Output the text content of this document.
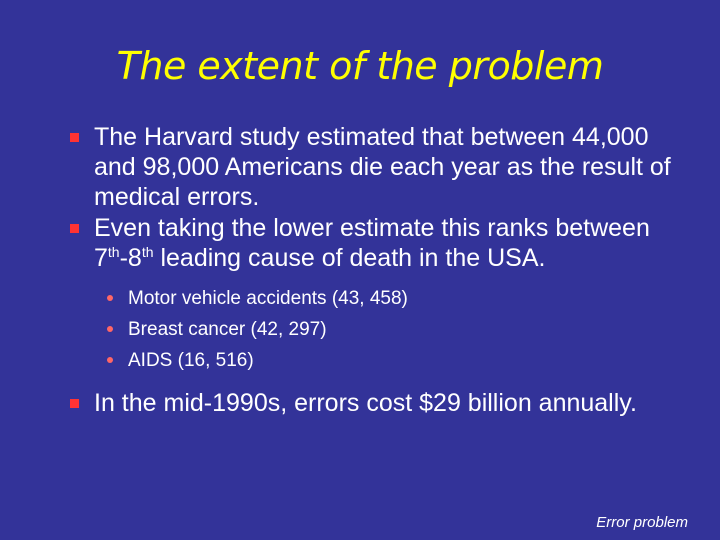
The extent of the problem
The Harvard study estimated that between 44,000 and 98,000 Americans die each year as the result of medical errors.
Even taking the lower estimate this ranks between 7th-8th leading cause of death in the USA.
Motor vehicle accidents (43, 458)
Breast cancer (42, 297)
AIDS (16, 516)
In the mid-1990s, errors cost $29 billion annually.
Error problem
